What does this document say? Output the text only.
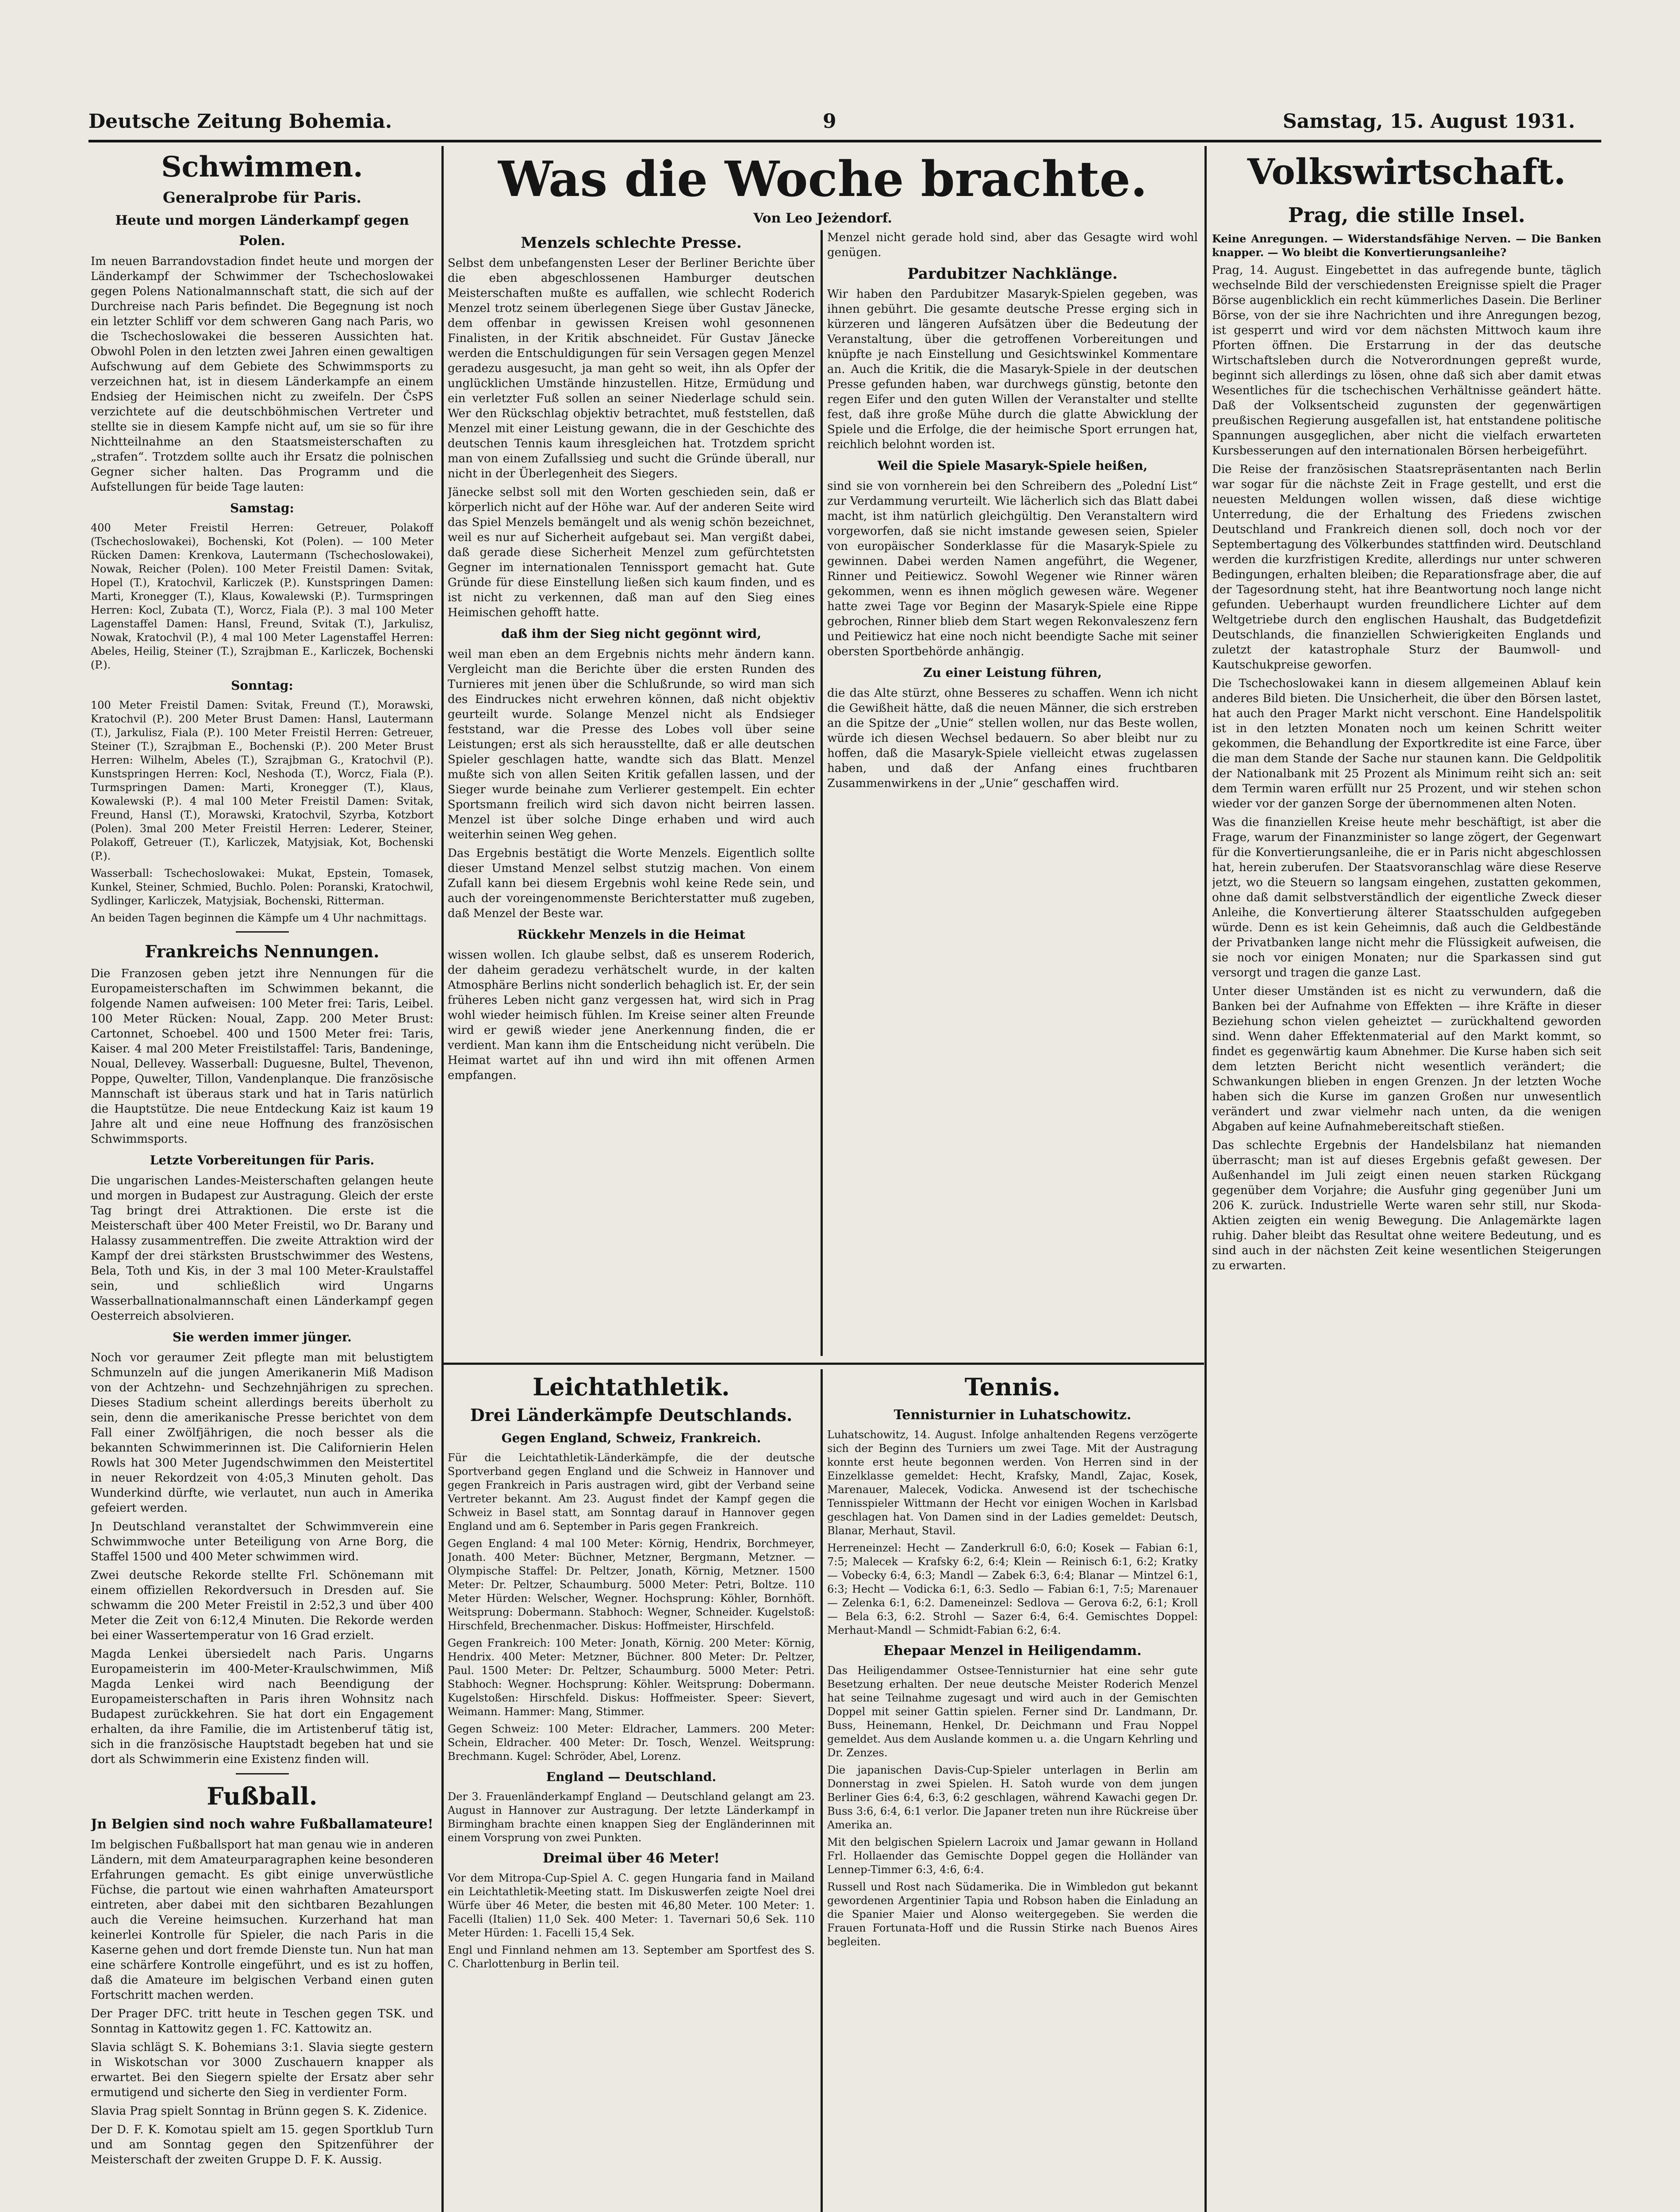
Deutsche Zeitung Bohemia.	9	Samstag, 15. August 1931.
Schwimmen.
Generalprobe für Paris.
Heute und morgen Länderkampf gegen Polen.

Im neuen Barrandovstadion findet heute und morgen der Länderkampf der Schwimmer der Tschechoslowakei gegen Polens Nationalmannschaft statt, die sich auf der Durchreise nach Paris befindet. Die Begegnung ist noch ein letzter Schliff vor dem schweren Gang nach Paris, wo die Tschechoslowakei die besseren Aussichten hat. Obwohl Polen in den letzten zwei Jahren einen gewaltigen Aufschwung auf dem Gebiete des Schwimmsports zu verzeichnen hat, ist in diesem Länderkampfe an einem Endsieg der Heimischen nicht zu zweifeln. Der ČsPS verzichtete auf die deutschböhmischen Vertreter und stellte sie in diesem Kampfe nicht auf, um sie so für ihre Nichtteilnahme an den Staatsmeisterschaften zu „strafen“. Trotzdem sollte auch ihr Ersatz die polnischen Gegner sicher halten. Das Programm und die Aufstellungen für beide Tage lauten:

Samstag:

400 Meter Freistil Herren: Getreuer, Polakoff (Tschechoslowakei), Bochenski, Kot (Polen). — 100 Meter Rücken Damen: Krenkova, Lautermann (Tschechoslowakei), Nowak, Reicher (Polen). 100 Meter Freistil Damen: Svitak, Hopel (T.), Kratochvil, Karliczek (P.). Kunstspringen Damen: Marti, Kronegger (T.), Klaus, Kowalewski (P.). Turmspringen Herren: Kocl, Zubata (T.), Worcz, Fiala (P.). 3 mal 100 Meter Lagenstaffel Damen: Hansl, Freund, Svitak (T.), Jarkulisz, Nowak, Kratochvil (P.), 4 mal 100 Meter Lagenstaffel Herren: Abeles, Heilig, Steiner (T.), Szrajbman E., Karliczek, Bochenski (P.).

Sonntag:

100 Meter Freistil Damen: Svitak, Freund (T.), Morawski, Kratochvil (P.). 200 Meter Brust Damen: Hansl, Lautermann (T.), Jarkulisz, Fiala (P.). 100 Meter Freistil Herren: Getreuer, Steiner (T.), Szrajbman E., Bochenski (P.). 200 Meter Brust Herren: Wilhelm, Abeles (T.), Szrajbman G., Kratochvil (P.). Kunstspringen Herren: Kocl, Neshoda (T.), Worcz, Fiala (P.). Turmspringen Damen: Marti, Kronegger (T.), Klaus, Kowalewski (P.). 4 mal 100 Meter Freistil Damen: Svitak, Freund, Hansl (T.), Morawski, Kratochvil, Szyrba, Kotzbort (Polen). 3mal 200 Meter Freistil Herren: Lederer, Steiner, Polakoff, Getreuer (T.), Karliczek, Matyjsiak, Kot, Bochenski (P.).

Wasserball: Tschechoslowakei: Mukat, Epstein, Tomasek, Kunkel, Steiner, Schmied, Buchlo. Polen: Poranski, Kratochwil, Sydlinger, Karliczek, Matyjsiak, Bochenski, Ritterman.

An beiden Tagen beginnen die Kämpfe um 4 Uhr nachmittags.

Frankreichs Nennungen.

Die Franzosen geben jetzt ihre Nennungen für die Europameisterschaften im Schwimmen bekannt, die folgende Namen aufweisen: 100 Meter frei: Taris, Leibel. 100 Meter Rücken: Noual, Zapp. 200 Meter Brust: Cartonnet, Schoebel. 400 und 1500 Meter frei: Taris, Kaiser. 4 mal 200 Meter Freistilstaffel: Taris, Bandeninge, Noual, Dellevey. Wasserball: Duguesne, Bultel, Thevenon, Poppe, Quwelter, Tillon, Vandenplanque. Die französische Mannschaft ist überaus stark und hat in Taris natürlich die Hauptstütze. Die neue Entdeckung Kaiz ist kaum 19 Jahre alt und eine neue Hoffnung des französischen Schwimmsports.

Letzte Vorbereitungen für Paris.

Die ungarischen Landes-Meisterschaften gelangen heute und morgen in Budapest zur Austragung. Gleich der erste Tag bringt drei Attraktionen. Die erste ist die Meisterschaft über 400 Meter Freistil, wo Dr. Barany und Halassy zusammentreffen. Die zweite Attraktion wird der Kampf der drei stärksten Brustschwimmer des Westens, Bela, Toth und Kis, in der 3 mal 100 Meter-Kraulstaffel sein, und schließlich wird Ungarns Wasserballnationalmannschaft einen Länderkampf gegen Oesterreich absolvieren.

Sie werden immer jünger.

Noch vor geraumer Zeit pflegte man mit belustigtem Schmunzeln auf die jungen Amerikanerin Miß Madison von der Achtzehn- und Sechzehnjährigen zu sprechen. Dieses Stadium scheint allerdings bereits überholt zu sein, denn die amerikanische Presse berichtet von dem Fall einer Zwölfjährigen, die noch besser als die bekannten Schwimmerinnen ist. Die Californierin Helen Rowls hat 300 Meter Jugendschwimmen den Meistertitel in neuer Rekordzeit von 4:05,3 Minuten geholt. Das Wunderkind dürfte, wie verlautet, nun auch in Amerika gefeiert werden.

Jn Deutschland veranstaltet der Schwimmverein eine Schwimmwoche unter Beteiligung von Arne Borg, die Staffel 1500 und 400 Meter schwimmen wird.

Zwei deutsche Rekorde stellte Frl. Schönemann mit einem offiziellen Rekordversuch in Dresden auf. Sie schwamm die 200 Meter Freistil in 2:52,3 und über 400 Meter die Zeit von 6:12,4 Minuten. Die Rekorde werden bei einer Wassertemperatur von 16 Grad erzielt.

Magda Lenkei übersiedelt nach Paris. Ungarns Europameisterin im 400-Meter-Kraulschwimmen, Miß Magda Lenkei wird nach Beendigung der Europameisterschaften in Paris ihren Wohnsitz nach Budapest zurückkehren. Sie hat dort ein Engagement erhalten, da ihre Familie, die im Artistenberuf tätig ist, sich in die französische Hauptstadt begeben hat und sie dort als Schwimmerin eine Existenz finden will.

Fußball.
Jn Belgien sind noch wahre Fußballamateure!

Im belgischen Fußballsport hat man genau wie in anderen Ländern, mit dem Amateurparagraphen keine besonderen Erfahrungen gemacht. Es gibt einige unverwüstliche Füchse, die partout wie einen wahrhaften Amateursport eintreten, aber dabei mit den sichtbaren Bezahlungen auch die Vereine heimsuchen. Kurzerhand hat man keinerlei Kontrolle für Spieler, die nach Paris in die Kaserne gehen und dort fremde Dienste tun. Nun hat man eine schärfere Kontrolle eingeführt, und es ist zu hoffen, daß die Amateure im belgischen Verband einen guten Fortschritt machen werden.

Der Prager DFC. tritt heute in Teschen gegen TSK. und Sonntag in Kattowitz gegen 1. FC. Kattowitz an.

Slavia schlägt S. K. Bohemians 3:1. Slavia siegte gestern in Wiskotschan vor 3000 Zuschauern knapper als erwartet. Bei den Siegern spielte der Ersatz aber sehr ermutigend und sicherte den Sieg in verdienter Form.

Slavia Prag spielt Sonntag in Brünn gegen S. K. Zidenice.

Der D. F. K. Komotau spielt am 15. gegen Sportklub Turn und am Sonntag gegen den Spitzenführer der Meisterschaft der zweiten Gruppe D. F. K. Aussig.

Was die Woche brachte.
Von Leo Jeżendorf.
Menzels schlechte Presse.

Selbst dem unbefangensten Leser der Berliner Berichte über die eben abgeschlossenen Hamburger deutschen Meisterschaften mußte es auffallen, wie schlecht Roderich Menzel trotz seinem überlegenen Siege über Gustav Jänecke, dem offenbar in gewissen Kreisen wohl gesonnenen Finalisten, in der Kritik abschneidet. Für Gustav Jänecke werden die Entschuldigungen für sein Versagen gegen Menzel geradezu ausgesucht, ja man geht so weit, ihn als Opfer der unglücklichen Umstände hinzustellen. Hitze, Ermüdung und ein verletzter Fuß sollen an seiner Niederlage schuld sein. Wer den Rückschlag objektiv betrachtet, muß feststellen, daß Menzel mit einer Leistung gewann, die in der Geschichte des deutschen Tennis kaum ihresgleichen hat. Trotzdem spricht man von einem Zufallssieg und sucht die Gründe überall, nur nicht in der Überlegenheit des Siegers.

Jänecke selbst soll mit den Worten geschieden sein, daß er körperlich nicht auf der Höhe war. Auf der anderen Seite wird das Spiel Menzels bemängelt und als wenig schön bezeichnet, weil es nur auf Sicherheit aufgebaut sei. Man vergißt dabei, daß gerade diese Sicherheit Menzel zum gefürchtetsten Gegner im internationalen Tennissport gemacht hat. Gute Gründe für diese Einstellung ließen sich kaum finden, und es ist nicht zu verkennen, daß man auf den Sieg eines Heimischen gehofft hatte.

daß ihm der Sieg nicht gegönnt wird,

weil man eben an dem Ergebnis nichts mehr ändern kann. Vergleicht man die Berichte über die ersten Runden des Turnieres mit jenen über die Schlußrunde, so wird man sich des Eindruckes nicht erwehren können, daß nicht objektiv geurteilt wurde. Solange Menzel nicht als Endsieger feststand, war die Presse des Lobes voll über seine Leistungen; erst als sich herausstellte, daß er alle deutschen Spieler geschlagen hatte, wandte sich das Blatt. Menzel mußte sich von allen Seiten Kritik gefallen lassen, und der Sieger wurde beinahe zum Verlierer gestempelt. Ein echter Sportsmann freilich wird sich davon nicht beirren lassen. Menzel ist über solche Dinge erhaben und wird auch weiterhin seinen Weg gehen.

Das Ergebnis bestätigt die Worte Menzels. Eigentlich sollte dieser Umstand Menzel selbst stutzig machen. Von einem Zufall kann bei diesem Ergebnis wohl keine Rede sein, und auch der voreingenommenste Berichterstatter muß zugeben, daß Menzel der Beste war.

Rückkehr Menzels in die Heimat

wissen wollen. Ich glaube selbst, daß es unserem Roderich, der daheim geradezu verhätschelt wurde, in der kalten Atmosphäre Berlins nicht sonderlich behaglich ist. Er, der sein früheres Leben nicht ganz vergessen hat, wird sich in Prag wohl wieder heimisch fühlen. Im Kreise seiner alten Freunde wird er gewiß wieder jene Anerkennung finden, die er verdient. Man kann ihm die Entscheidung nicht verübeln. Die Heimat wartet auf ihn und wird ihn mit offenen Armen empfangen.

Menzel nicht gerade hold sind, aber das Gesagte wird wohl genügen.

Pardubitzer Nachklänge.

Wir haben den Pardubitzer Masaryk-Spielen gegeben, was ihnen gebührt. Die gesamte deutsche Presse erging sich in kürzeren und längeren Aufsätzen über die Bedeutung der Veranstaltung, über die getroffenen Vorbereitungen und knüpfte je nach Einstellung und Gesichtswinkel Kommentare an. Auch die Kritik, die die Masaryk-Spiele in der deutschen Presse gefunden haben, war durchwegs günstig, betonte den regen Eifer und den guten Willen der Veranstalter und stellte fest, daß ihre große Mühe durch die glatte Abwicklung der Spiele und die Erfolge, die der heimische Sport errungen hat, reichlich belohnt worden ist.

Weil die Spiele Masaryk-Spiele heißen,

sind sie von vornherein bei den Schreibern des „Polední List“ zur Verdammung verurteilt. Wie lächerlich sich das Blatt dabei macht, ist ihm natürlich gleichgültig. Den Veranstaltern wird vorgeworfen, daß sie nicht imstande gewesen seien, Spieler von europäischer Sonderklasse für die Masaryk-Spiele zu gewinnen. Dabei werden Namen angeführt, die Wegener, Rinner und Peitiewicz. Sowohl Wegener wie Rinner wären gekommen, wenn es ihnen möglich gewesen wäre. Wegener hatte zwei Tage vor Beginn der Masaryk-Spiele eine Rippe gebrochen, Rinner blieb dem Start wegen Rekonvaleszenz fern und Peitiewicz hat eine noch nicht beendigte Sache mit seiner obersten Sportbehörde anhängig.

Zu einer Leistung führen,

die das Alte stürzt, ohne Besseres zu schaffen. Wenn ich nicht die Gewißheit hätte, daß die neuen Männer, die sich erstreben an die Spitze der „Unie“ stellen wollen, nur das Beste wollen, würde ich diesen Wechsel bedauern. So aber bleibt nur zu hoffen, daß die Masaryk-Spiele vielleicht etwas zugelassen haben, und daß der Anfang eines fruchtbaren Zusammenwirkens in der „Unie“ geschaffen wird.

Leichtathletik.
Drei Länderkämpfe Deutschlands.
Gegen England, Schweiz, Frankreich.

Für die Leichtathletik-Länderkämpfe, die der deutsche Sportverband gegen England und die Schweiz in Hannover und gegen Frankreich in Paris austragen wird, gibt der Verband seine Vertreter bekannt. Am 23. August findet der Kampf gegen die Schweiz in Basel statt, am Sonntag darauf in Hannover gegen England und am 6. September in Paris gegen Frankreich.

Gegen England: 4 mal 100 Meter: Körnig, Hendrix, Borchmeyer, Jonath. 400 Meter: Büchner, Metzner, Bergmann, Metzner. — Olympische Staffel: Dr. Peltzer, Jonath, Körnig, Metzner. 1500 Meter: Dr. Peltzer, Schaumburg. 5000 Meter: Petri, Boltze. 110 Meter Hürden: Welscher, Wegner. Hochsprung: Köhler, Bornhöft. Weitsprung: Dobermann. Stabhoch: Wegner, Schneider. Kugelstoß: Hirschfeld, Brechenmacher. Diskus: Hoffmeister, Hirschfeld.

Gegen Frankreich: 100 Meter: Jonath, Körnig. 200 Meter: Körnig, Hendrix. 400 Meter: Metzner, Büchner. 800 Meter: Dr. Peltzer, Paul. 1500 Meter: Dr. Peltzer, Schaumburg. 5000 Meter: Petri. Stabhoch: Wegner. Hochsprung: Köhler. Weitsprung: Dobermann. Kugelstoßen: Hirschfeld. Diskus: Hoffmeister. Speer: Sievert, Weimann. Hammer: Mang, Stimmer.

Gegen Schweiz: 100 Meter: Eldracher, Lammers. 200 Meter: Schein, Eldracher. 400 Meter: Dr. Tosch, Wenzel. Weitsprung: Brechmann. Kugel: Schröder, Abel, Lorenz.

England — Deutschland.

Der 3. Frauenländerkampf England — Deutschland gelangt am 23. August in Hannover zur Austragung. Der letzte Länderkampf in Birmingham brachte einen knappen Sieg der Engländerinnen mit einem Vorsprung von zwei Punkten.

Dreimal über 46 Meter!

Vor dem Mitropa-Cup-Spiel A. C. gegen Hungaria fand in Mailand ein Leichtathletik-Meeting statt. Im Diskuswerfen zeigte Noel drei Würfe über 46 Meter, die besten mit 46,80 Meter. 100 Meter: 1. Facelli (Italien) 11,0 Sek. 400 Meter: 1. Tavernari 50,6 Sek. 110 Meter Hürden: 1. Facelli 15,4 Sek.

Engl und Finnland nehmen am 13. September am Sportfest des S. C. Charlottenburg in Berlin teil.

Tennis.
Tennisturnier in Luhatschowitz.

Luhatschowitz, 14. August. Infolge anhaltenden Regens verzögerte sich der Beginn des Turniers um zwei Tage. Mit der Austragung konnte erst heute begonnen werden. Von Herren sind in der Einzelklasse gemeldet: Hecht, Krafsky, Mandl, Zajac, Kosek, Marenauer, Malecek, Vodicka. Anwesend ist der tschechische Tennisspieler Wittmann der Hecht vor einigen Wochen in Karlsbad geschlagen hat. Von Damen sind in der Ladies gemeldet: Deutsch, Blanar, Merhaut, Stavil.

Herreneinzel: Hecht — Zanderkrull 6:0, 6:0; Kosek — Fabian 6:1, 7:5; Malecek — Krafsky 6:2, 6:4; Klein — Reinisch 6:1, 6:2; Kratky — Vobecky 6:4, 6:3; Mandl — Zabek 6:3, 6:4; Blanar — Mintzel 6:1, 6:3; Hecht — Vodicka 6:1, 6:3. Sedlo — Fabian 6:1, 7:5; Marenauer — Zelenka 6:1, 6:2. Dameneinzel: Sedlova — Gerova 6:2, 6:1; Kroll — Bela 6:3, 6:2. Strohl — Sazer 6:4, 6:4. Gemischtes Doppel: Merhaut-Mandl — Schmidt-Fabian 6:2, 6:4.

Ehepaar Menzel in Heiligendamm.

Das Heiligendammer Ostsee-Tennisturnier hat eine sehr gute Besetzung erhalten. Der neue deutsche Meister Roderich Menzel hat seine Teilnahme zugesagt und wird auch in der Gemischten Doppel mit seiner Gattin spielen. Ferner sind Dr. Landmann, Dr. Buss, Heinemann, Henkel, Dr. Deichmann und Frau Noppel gemeldet. Aus dem Auslande kommen u. a. die Ungarn Kehrling und Dr. Zenzes.

Die japanischen Davis-Cup-Spieler unterlagen in Berlin am Donnerstag in zwei Spielen. H. Satoh wurde von dem jungen Berliner Gies 6:4, 6:3, 6:2 geschlagen, während Kawachi gegen Dr. Buss 3:6, 6:4, 6:1 verlor. Die Japaner treten nun ihre Rückreise über Amerika an.

Mit den belgischen Spielern Lacroix und Jamar gewann in Holland Frl. Hollaender das Gemischte Doppel gegen die Holländer van Lennep-Timmer 6:3, 4:6, 6:4.

Russell und Rost nach Südamerika. Die in Wimbledon gut bekannt gewordenen Argentinier Tapia und Robson haben die Einladung an die Spanier Maier und Alonso weitergegeben. Sie werden die Frauen Fortunata-Hoff und die Russin Stirke nach Buenos Aires begleiten.

Volkswirtschaft.
Prag, die stille Insel.

Keine Anregungen. — Widerstandsfähige Nerven. — Die Banken knapper. — Wo bleibt die Konvertierungsanleihe?

Prag, 14. August. Eingebettet in das aufregende bunte, täglich wechselnde Bild der verschiedensten Ereignisse spielt die Prager Börse augenblicklich ein recht kümmerliches Dasein. Die Berliner Börse, von der sie ihre Nachrichten und ihre Anregungen bezog, ist gesperrt und wird vor dem nächsten Mittwoch kaum ihre Pforten öffnen. Die Erstarrung in der das deutsche Wirtschaftsleben durch die Notverordnungen gepreßt wurde, beginnt sich allerdings zu lösen, ohne daß sich aber damit etwas Wesentliches für die tschechischen Verhältnisse geändert hätte. Daß der Volksentscheid zugunsten der gegenwärtigen preußischen Regierung ausgefallen ist, hat entstandene politische Spannungen ausgeglichen, aber nicht die vielfach erwarteten Kursbesserungen auf den internationalen Börsen herbeigeführt.

Die Reise der französischen Staatsrepräsentanten nach Berlin war sogar für die nächste Zeit in Frage gestellt, und erst die neuesten Meldungen wollen wissen, daß diese wichtige Unterredung, die der Erhaltung des Friedens zwischen Deutschland und Frankreich dienen soll, doch noch vor der Septembertagung des Völkerbundes stattfinden wird. Deutschland werden die kurzfristigen Kredite, allerdings nur unter schweren Bedingungen, erhalten bleiben; die Reparationsfrage aber, die auf der Tagesordnung steht, hat ihre Beantwortung noch lange nicht gefunden. Ueberhaupt wurden freundlichere Lichter auf dem Weltgetriebe durch den englischen Haushalt, das Budgetdefizit Deutschlands, die finanziellen Schwierigkeiten Englands und zuletzt der katastrophale Sturz der Baumwoll- und Kautschukpreise geworfen.

Die Tschechoslowakei kann in diesem allgemeinen Ablauf kein anderes Bild bieten. Die Unsicherheit, die über den Börsen lastet, hat auch den Prager Markt nicht verschont. Eine Handelspolitik ist in den letzten Monaten noch um keinen Schritt weiter gekommen, die Behandlung der Exportkredite ist eine Farce, über die man dem Stande der Sache nur staunen kann. Die Geldpolitik der Nationalbank mit 25 Prozent als Minimum reiht sich an: seit dem Termin waren erfüllt nur 25 Prozent, und wir stehen schon wieder vor der ganzen Sorge der übernommenen alten Noten.

Was die finanziellen Kreise heute mehr beschäftigt, ist aber die Frage, warum der Finanzminister so lange zögert, der Gegenwart für die Konvertierungsanleihe, die er in Paris nicht abgeschlossen hat, herein zuberufen. Der Staatsvoranschlag wäre diese Reserve jetzt, wo die Steuern so langsam eingehen, zustatten gekommen, ohne daß damit selbstverständlich der eigentliche Zweck dieser Anleihe, die Konvertierung älterer Staatsschulden aufgegeben würde. Denn es ist kein Geheimnis, daß auch die Geldbestände der Privatbanken lange nicht mehr die Flüssigkeit aufweisen, die sie noch vor einigen Monaten; nur die Sparkassen sind gut versorgt und tragen die ganze Last.

Unter dieser Umständen ist es nicht zu verwundern, daß die Banken bei der Aufnahme von Effekten — ihre Kräfte in dieser Beziehung schon vielen geheiztet — zurückhaltend geworden sind. Wenn daher Effektenmaterial auf den Markt kommt, so findet es gegenwärtig kaum Abnehmer. Die Kurse haben sich seit dem letzten Bericht nicht wesentlich verändert; die Schwankungen blieben in engen Grenzen. Jn der letzten Woche haben sich die Kurse im ganzen Großen nur unwesentlich verändert und zwar vielmehr nach unten, da die wenigen Abgaben auf keine Aufnahmebereitschaft stießen.

Das schlechte Ergebnis der Handelsbilanz hat niemanden überrascht; man ist auf dieses Ergebnis gefaßt gewesen. Der Außenhandel im Juli zeigt einen neuen starken Rückgang gegenüber dem Vorjahre; die Ausfuhr ging gegenüber Juni um 206 K. zurück. Industrielle Werte waren sehr still, nur Skoda-Aktien zeigten ein wenig Bewegung. Die Anlagemärkte lagen ruhig. Daher bleibt das Resultat ohne weitere Bedeutung, und es sind auch in der nächsten Zeit keine wesentlichen Steigerungen zu erwarten.
